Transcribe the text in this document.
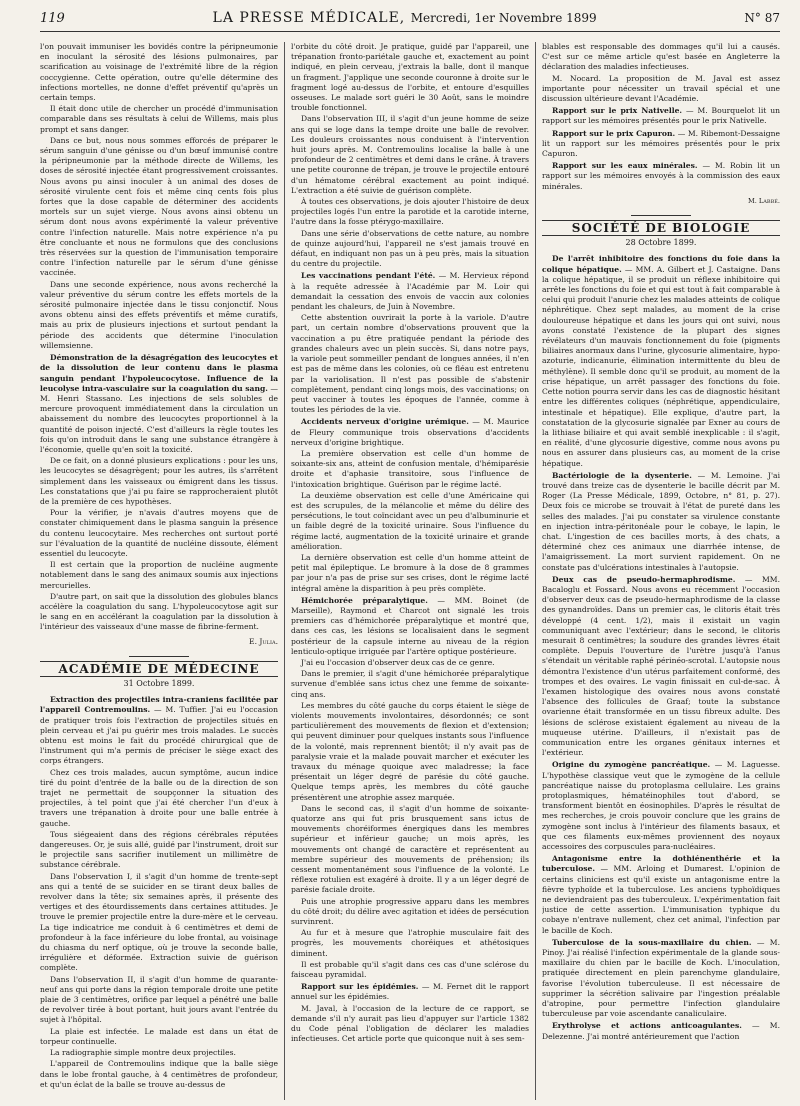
119	LA PRESSE MÉDICALE, Mercredi, 1er Novembre 1899	N° 87

l'on pouvait immuniser les bovidés contre la péripneumonie en inoculant la sérosité des lésions pulmonaires, par scarification au voisinage de l'extrémité libre de la région coccygienne. Cette opération, outre qu'elle détermine des infections mortelles, ne donne d'effet préventif qu'après un certain temps.

Il était donc utile de chercher un procédé d'immunisation comparable dans ses résultats à celui de Willems, mais plus prompt et sans danger.

Dans ce but, nous nous sommes efforcés de préparer le sérum sanguin d'une génisse ou d'un bœuf immunisé contre la péripneumonie par la méthode directe de Willems, les doses de sérosité injectée étant progressivement croissantes. Nous avons pu ainsi inoculer à un animal des doses de sérosité virulente cent fois et même cinq cents fois plus fortes que la dose capable de déterminer des accidents mortels sur un sujet vierge. Nous avons ainsi obtenu un sérum dont nous avons expérimenté la valeur préventive contre l'infection naturelle. Mais notre expérience n'a pu être concluante et nous ne formulons que des conclusions très réservées sur la question de l'immunisation temporaire contre l'infection naturelle par le sérum d'une génisse vaccinée.

Dans une seconde expérience, nous avons recherché la valeur préventive du sérum contre les effets mortels de la sérosité pulmonaire injectée dans le tissu conjonctif. Nous avons obtenu ainsi des effets préventifs et même curatifs, mais au prix de plusieurs injections et surtout pendant la période des accidents que détermine l'inoculation willemsienne.

Démonstration de la désagrégation des leucocytes et de la dissolution de leur contenu dans le plasma sanguin pendant l'hypoleucocytose. Influence de la leucolyse intra-vasculaire sur la coagulation du sang. — M. Henri Stassano. Les injections de sels solubles de mercure provoquent immédiatement dans la circulation un abaissement du nombre des leucocytes proportionnel à la quantité de poison injecté. C'est d'ailleurs la règle toutes les fois qu'on introduit dans le sang une substance étrangère à l'économie, quelle qu'en soit la toxicité.

De ce fait, on a donné plusieurs explications : pour les uns, les leucocytes se désagrègent; pour les autres, ils s'arrêtent simplement dans les vaisseaux ou émigrent dans les tissus. Les constatations que j'ai pu faire se rapprocheraient plutôt de la première de ces hypothèses.

Pour la vérifier, je n'avais d'autres moyens que de constater chimiquement dans le plasma sanguin la présence du contenu leucocytaire. Mes recherches ont surtout porté sur l'évaluation de la quantité de nucléine dissoute, élément essentiel du leucocyte.

Il est certain que la proportion de nucléine augmente notablement dans le sang des animaux soumis aux injections mercurielles.

D'autre part, on sait que la dissolution des globules blancs accélère la coagulation du sang. L'hypoleucocytose agit sur le sang en en accélérant la coagulation par la dissolution à l'intérieur des vaisseaux d'une masse de fibrine-ferment.

E. Julia.
ACADÉMIE DE MÉDECINE
31 Octobre 1899.

Extraction des projectiles intra-craniens facilitée par l'appareil Contremoulins. — M. Tuffier. J'ai eu l'occasion de pratiquer trois fois l'extraction de projectiles situés en plein cerveau et j'ai pu guérir mes trois malades. Le succès obtenu est moins le fait du procédé chirurgical que de l'instrument qui m'a permis de préciser le siège exact des corps étrangers.

Chez ces trois malades, aucun symptôme, aucun indice tiré du point d'entrée de la balle ou de la direction de son trajet ne permettait de soupçonner la situation des projectiles, à tel point que j'ai été chercher l'un d'eux à travers une trépanation à droite pour une balle entrée à gauche.

Tous siégeaient dans des régions cérébrales réputées dangereuses. Or, je suis allé, guidé par l'instrument, droit sur le projectile sans sacrifier inutilement un millimètre de substance cérébrale.

Dans l'observation I, il s'agit d'un homme de trente-sept ans qui a tenté de se suicider en se tirant deux balles de revolver dans la tête; six semaines après, il présente des vertiges et des étourdissements dans certaines attitudes. Je trouve le premier projectile entre la dure-mère et le cerveau. La tige indicatrice me conduit à 6 centimètres et demi de profondeur à la face inférieure du lobe frontal, au voisinage du chiasma du nerf optique, où je trouve la seconde balle, irrégulière et déformée. Extraction suivie de guérison complète.

Dans l'observation II, il s'agit d'un homme de quarante-neuf ans qui porte dans la région temporale droite une petite plaie de 3 centimètres, orifice par lequel a pénétré une balle de revolver tirée à bout portant, huit jours avant l'entrée du sujet à l'hôpital.

La plaie est infectée. Le malade est dans un état de torpeur continuelle.

La radiographie simple montre deux projectiles.

L'appareil de Contremoulins indique que la balle siège dans le lobe frontal gauche, à 4 centimètres de profondeur, et qu'un éclat de la balle se trouve au-dessus de

l'orbite du côté droit. Je pratique, guidé par l'appareil, une trépanation fronto-pariétale gauche et, exactement au point indiqué, en plein cerveau, j'extrais la balle, dont il manque un fragment. J'applique une seconde couronne à droite sur le fragment logé au-dessus de l'orbite, et entoure d'esquilles osseuses. Le malade sort guéri le 30 Août, sans le moindre trouble fonctionnel.

Dans l'observation III, il s'agit d'un jeune homme de seize ans qui se loge dans la tempe droite une balle de revolver. Les douleurs croissantes nous conduisent à l'intervention huit jours après. M. Contremoulins localise la balle à une profondeur de 2 centimètres et demi dans le crâne. À travers une petite couronne de trépan, je trouve le projectile entouré d'un hématome cérébral exactement au point indiqué. L'extraction a été suivie de guérison complète.

À toutes ces observations, je dois ajouter l'histoire de deux projectiles logés l'un entre la parotide et la carotide interne, l'autre dans la fosse ptérygo-maxillaire.

Dans une série d'observations de cette nature, au nombre de quinze aujourd'hui, l'appareil ne s'est jamais trouvé en défaut, en indiquant non pas un à peu près, mais la situation du centre du projectile.

Les vaccinations pendant l'été. — M. Hervieux répond à la requête adressée à l'Académie par M. Loir qui demandait la cessation des envois de vaccin aux colonies pendant les chaleurs, de Juin à Novembre.

Cette abstention ouvrirait la porte à la variole. D'autre part, un certain nombre d'observations prouvent que la vaccination a pu être pratiquée pendant la période des grandes chaleurs avec un plein succès. Si, dans notre pays, la variole peut sommeiller pendant de longues années, il n'en est pas de même dans les colonies, où ce fléau est entretenu par la variolisation. Il n'est pas possible de s'abstenir complètement, pendant cinq longs mois, des vaccinations; on peut vacciner à toutes les époques de l'année, comme à toutes les périodes de la vie.

Accidents nerveux d'origine urémique. — M. Maurice de Fleury communique trois observations d'accidents nerveux d'origine brightique.

La première observation est celle d'un homme de soixante-six ans, atteint de confusion mentale, d'hémiparésie droite et d'aphasie transitoire, sous l'influence de l'intoxication brightique. Guérison par le régime lacté.

La deuxième observation est celle d'une Américaine qui est des scrupules, de la mélancolie et même du délire des persécutions, le tout coïncidant avec un peu d'albuminurie et un faible degré de la toxicité urinaire. Sous l'influence du régime lacté, augmentation de la toxicité urinaire et grande amélioration.

La dernière observation est celle d'un homme atteint de petit mal épileptique. Le bromure à la dose de 8 grammes par jour n'a pas de prise sur ses crises, dont le régime lacté intégral amène la disparition à peu près complète.

Hémichorée préparalytique. — MM. Boinet (de Marseille), Raymond et Charcot ont signalé les trois premiers cas d'hémichorée préparalytique et montré que, dans ces cas, les lésions se localisaient dans le segment postérieur de la capsule interne au niveau de la région lenticulo-optique irriguée par l'artère optique postérieure.

J'ai eu l'occasion d'observer deux cas de ce genre.

Dans le premier, il s'agit d'une hémichorée préparalytique survenue d'emblée sans ictus chez une femme de soixante-cinq ans.

Les membres du côté gauche du corps étaient le siège de violents mouvements involontaires, désordonnés; ce sont particulièrement des mouvements de flexion et d'extension; qui peuvent diminuer pour quelques instants sous l'influence de la volonté, mais reprennent bientôt; il n'y avait pas de paralysie vraie et la malade pouvait marcher et exécuter les travaux du ménage quoique avec maladresse; la face présentait un léger degré de parésie du côté gauche. Quelque temps après, les membres du côté gauche présentèrent une atrophie assez marquée.

Dans le second cas, il s'agit d'un homme de soixante-quatorze ans qui fut pris brusquement sans ictus de mouvements choréiformes énergiques dans les membres supérieur et inférieur gauche; un mois après, les mouvements ont changé de caractère et représentent au membre supérieur des mouvements de préhension; ils cessent momentanément sous l'influence de la volonté. Le réflexe rotulien est exagéré à droite. Il y a un léger degré de parésie faciale droite.

Puis une atrophie progressive apparu dans les membres du côté droit; du délire avec agitation et idées de persécution survinrent.

Au fur et à mesure que l'atrophie musculaire fait des progrès, les mouvements choréiques et athétosiques diminent.

Il est probable qu'il s'agit dans ces cas d'une sclérose du faisceau pyramidal.

Rapport sur les épidémies. — M. Fernet dit le rapport annuel sur les épidémies.

M. Javal, à l'occasion de la lecture de ce rapport, se demande s'il n'y aurait pas lieu d'appuyer sur l'article 1382 du Code pénal l'obligation de déclarer les maladies infectieuses. Cet article porte que quiconque nuit à ses sem-

blables est responsable des dommages qu'il lui a causés. C'est sur ce même article qu'est basée en Angleterre la déclaration des maladies infectieuses.

M. Nocard. La proposition de M. Javal est assez importante pour nécessiter un travail spécial et une discussion ultérieure devant l'Académie.

Rapport sur le prix Nativelle. — M. Bourquelot lit un rapport sur les mémoires présentés pour le prix Nativelle.

Rapport sur le prix Capuron. — M. Ribemont-Dessaigne lit un rapport sur les mémoires présentés pour le prix Capuron.

Rapport sur les eaux minérales. — M. Robin lit un rapport sur les mémoires envoyés à la commission des eaux minérales.

M. Labbé.
SOCIÉTÉ DE BIOLOGIE
28 Octobre 1899.

De l'arrêt inhibitoire des fonctions du foie dans la colique hépatique. — MM. A. Gilbert et J. Castaigne. Dans la colique hépatique, il se produit un réflexe inhibitoire qui arrête les fonctions du foie et qui est tout à fait comparable à celui qui produit l'anurie chez les malades atteints de colique néphrétique. Chez sept malades, au moment de la crise douloureuse hépatique et dans les jours qui ont suivi, nous avons constaté l'existence de la plupart des signes révélateurs d'un mauvais fonctionnement du foie (pigments biliaires anormaux dans l'urine, glycosurie alimentaire, hypo-azoturie, indicanurie, élimination intermittente du bleu de méthylène). Il semble donc qu'il se produit, au moment de la crise hépatique, un arrêt passager des fonctions du foie. Cette notion pourra servir dans les cas de diagnostic hésitant entre les différentes coliques (néphrétique, appendiculaire, intestinale et hépatique). Elle explique, d'autre part, la constatation de la glycosurie signalée par Exner au cours de la lithiase biliaire et qui avait semblé inexplicable : il s'agit, en réalité, d'une glycosurie digestive, comme nous avons pu nous en assurer dans plusieurs cas, au moment de la crise hépatique.

Bactériologie de la dysenterie. — M. Lemoine. J'ai trouvé dans treize cas de dysenterie le bacille décrit par M. Roger (La Presse Médicale, 1899, Octobre, n° 81, p. 27). Deux fois ce microbe se trouvait à l'état de pureté dans les selles des malades. J'ai pu constater sa virulence constante en injection intra-péritonéale pour le cobaye, le lapin, le chat. L'ingestion de ces bacilles morts, à des chats, a déterminé chez ces animaux une diarrhée intense, de l'amaigrissement. La mort survient rapidement. On ne constate pas d'ulcérations intestinales à l'autopsie.

Deux cas de pseudo-hermaphrodisme. — MM. Bacaloglu et Fossard. Nous avons eu récemment l'occasion d'observer deux cas de pseudo-hermaphrodisme de la classe des gynandroïdes. Dans un premier cas, le clitoris était très développé (4 cent. 1/2), mais il existait un vagin communiquant avec l'extérieur; dans le second, le clitoris mesurait 8 centimètres; la soudure des grandes lèvres était complète. Depuis l'ouverture de l'urètre jusqu'à l'anus s'étendait un véritable raphé périnéo-scrotal. L'autopsie nous démontra l'existence d'un utérus parfaitement conformé, des trompes et des ovaires. Le vagin finissait en cul-de-sac. À l'examen histologique des ovaires nous avons constaté l'absence des follicules de Graaf; toute la substance ovarienne était transformée en un tissu fibreux adulte. Des lésions de sclérose existaient également au niveau de la muqueuse utérine. D'ailleurs, il n'existait pas de communication entre les organes génitaux internes et l'extérieur.

Origine du zymogène pancréatique. — M. Laguesse. L'hypothèse classique veut que le zymogène de la cellule pancréatique naisse du protoplasma cellulaire. Les grains protoplasmiques, hématéinophiles tout d'abord, se transforment bientôt en éosinophiles. D'après le résultat de mes recherches, je crois pouvoir conclure que les grains de zymogène sont inclus à l'intérieur des filaments basaux, et que ces filaments eux-mêmes proviennent des noyaux accessoires des corpuscules para-nucléaires.

Antagonisme entre la dothiénenthérie et la tuberculose. — MM. Arloing et Dumarest. L'opinion de certains cliniciens est qu'il existe un antagonisme entre la fièvre typhoïde et la tuberculose. Les anciens typhoïdiques ne deviendraient pas des tuberculeux. L'expérimentation fait justice de cette assertion. L'immunisation typhique du cobaye n'entrave nullement, chez cet animal, l'infection par le bacille de Koch.

Tuberculose de la sous-maxillaire du chien. — M. Pinoy. J'ai réalisé l'infection expérimentale de la glande sous-maxillaire du chien par le bacille de Koch. L'inoculation, pratiquée directement en plein parenchyme glandulaire, favorise l'évolution tuberculeuse. Il est nécessaire de supprimer la sécrétion salivaire par l'ingestion préalable d'atropine, pour permettre l'infection glandulaire tuberculeuse par voie ascendante canaliculaire.

Erythrolyse et actions anticoagulantes. — M. Delezenne. J'ai montré antérieurement que l'action
